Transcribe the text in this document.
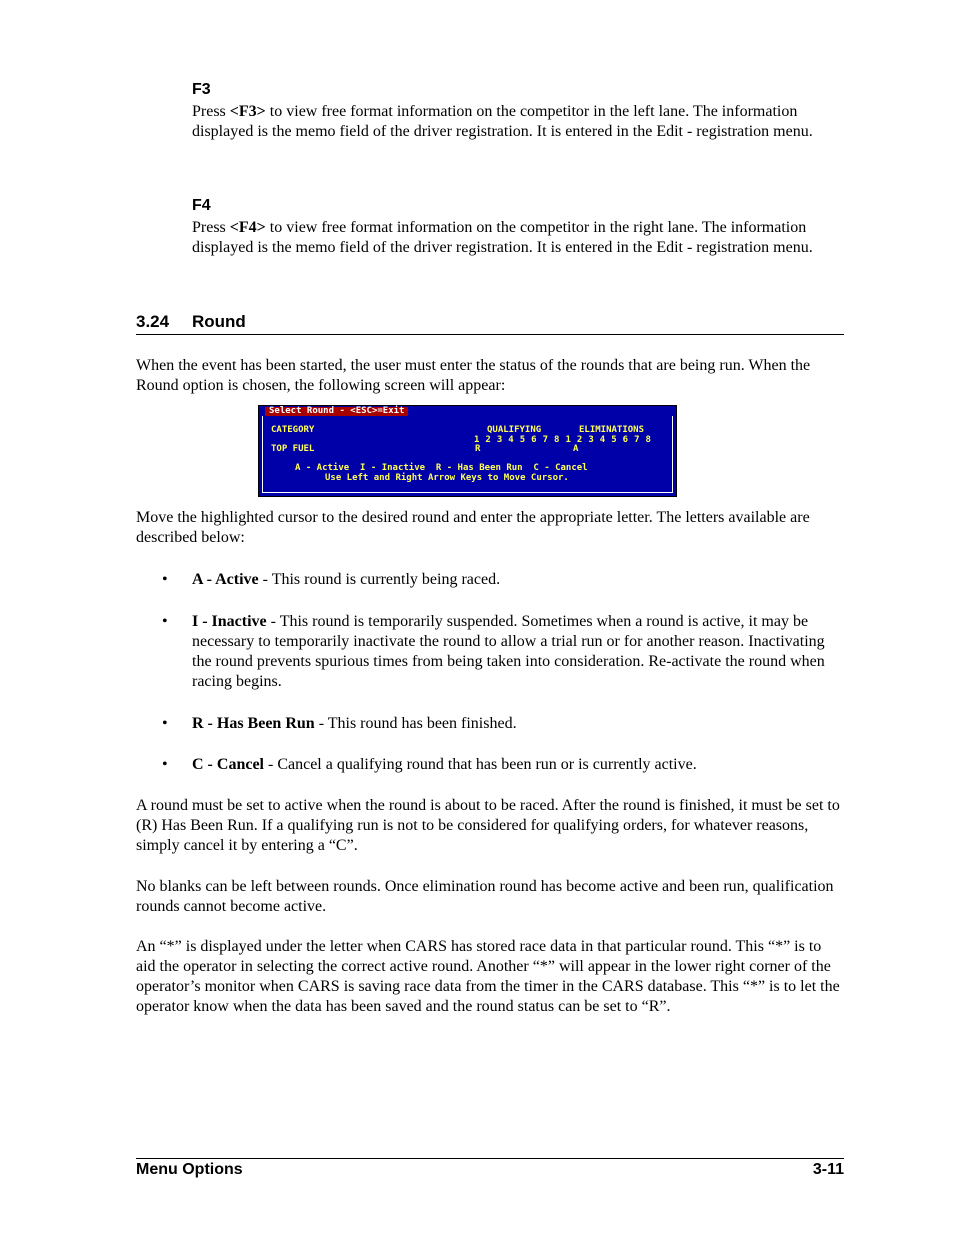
F3
Press <F3> to view free format information on the competitor in the left lane. The information displayed is the memo field of the driver registration. It is entered in the Edit - registration menu.
F4
Press <F4> to view free format information on the competitor in the right lane. The information displayed is the memo field of the driver registration. It is entered in the Edit - registration menu.
3.24 Round
When the event has been started, the user must enter the status of the rounds that are being run. When the Round option is chosen, the following screen will appear:
Select Round - <ESC>=Exit
CATEGORY	QUALIFYING	ELIMINATIONS
1 2 3 4 5 6 7 8 1 2 3 4 5 6 7 8
TOP FUEL	R	A
A - Active  I - Inactive  R - Has Been Run  C - Cancel
Use Left and Right Arrow Keys to Move Cursor.
Move the highlighted cursor to the desired round and enter the appropriate letter. The letters available are described below:
• A - Active - This round is currently being raced.
• I - Inactive - This round is temporarily suspended. Sometimes when a round is active, it may be necessary to temporarily inactivate the round to allow a trial run or for another reason. Inactivating the round prevents spurious times from being taken into consideration. Re-activate the round when racing begins.
• R - Has Been Run - This round has been finished.
• C - Cancel - Cancel a qualifying round that has been run or is currently active.
A round must be set to active when the round is about to be raced. After the round is finished, it must be set to (R) Has Been Run. If a qualifying run is not to be considered for qualifying orders, for whatever reasons, simply cancel it by entering a “C”.
No blanks can be left between rounds. Once elimination round has become active and been run, qualification rounds cannot become active.
An “*” is displayed under the letter when CARS has stored race data in that particular round. This “*” is to aid the operator in selecting the correct active round. Another “*” will appear in the lower right corner of the operator’s monitor when CARS is saving race data from the timer in the CARS database. This “*” is to let the operator know when the data has been saved and the round status can be set to “R”.
Menu Options	3-11
